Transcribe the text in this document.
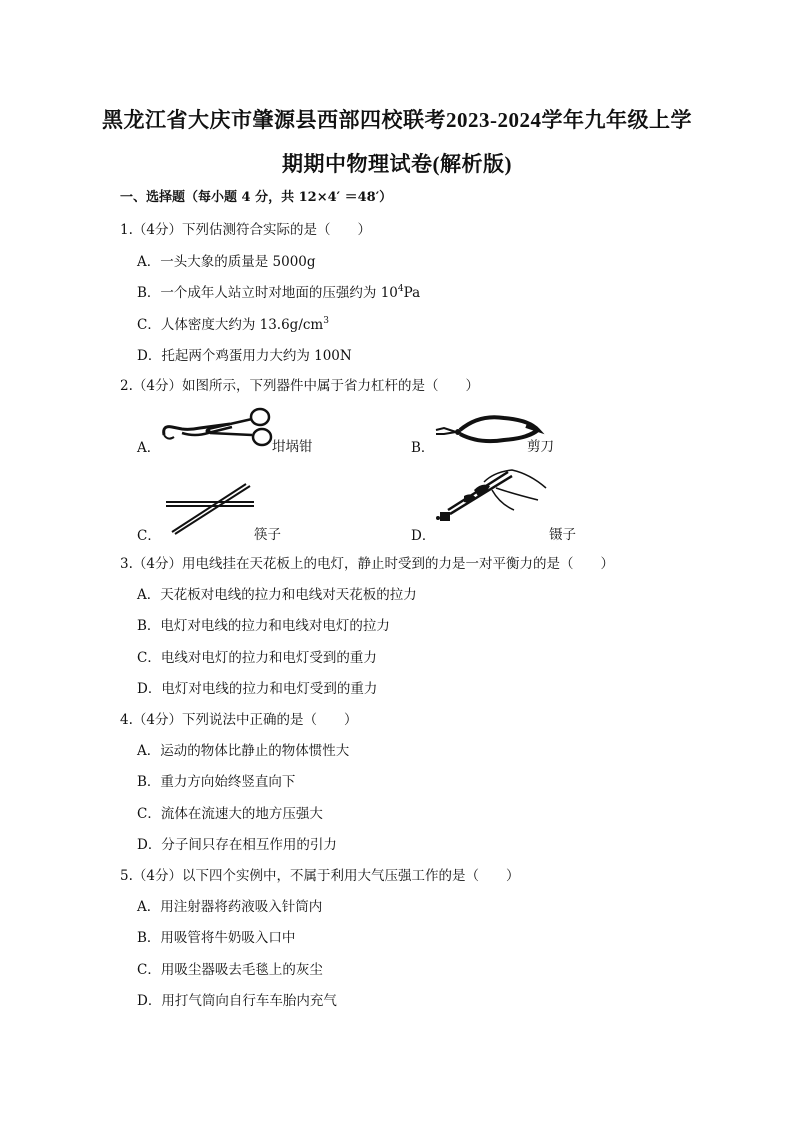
黑龙江省大庆市肇源县西部四校联考2023-2024学年九年级上学
期期中物理试卷(解析版)
一、选择题（每小题 4 分，共 12×4′ ＝48′）
1.（4分）下列估测符合实际的是（　　）
A．一头大象的质量是 5000g
B．一个成年人站立时对地面的压强约为 $10^4Pa$
C．人体密度大约为 $13.6g/cm^3$
D．托起两个鸡蛋用力大约为 100N
2.（4分）如图所示，下列器件中属于省力杠杆的是（　　）
A．	坩埚钳	B．	剪刀
C．	筷子	D．	镊子
3.（4分）用电线挂在天花板上的电灯，静止时受到的力是一对平衡力的是（　　）
A．天花板对电线的拉力和电线对天花板的拉力
B．电灯对电线的拉力和电线对电灯的拉力
C．电线对电灯的拉力和电灯受到的重力
D．电灯对电线的拉力和电灯受到的重力
4.（4分）下列说法中正确的是（　　）
A．运动的物体比静止的物体惯性大
B．重力方向始终竖直向下
C．流体在流速大的地方压强大
D．分子间只存在相互作用的引力
5.（4分）以下四个实例中，不属于利用大气压强工作的是（　　）
A．用注射器将药液吸入针筒内
B．用吸管将牛奶吸入口中
C．用吸尘器吸去毛毯上的灰尘
D．用打气筒向自行车车胎内充气
